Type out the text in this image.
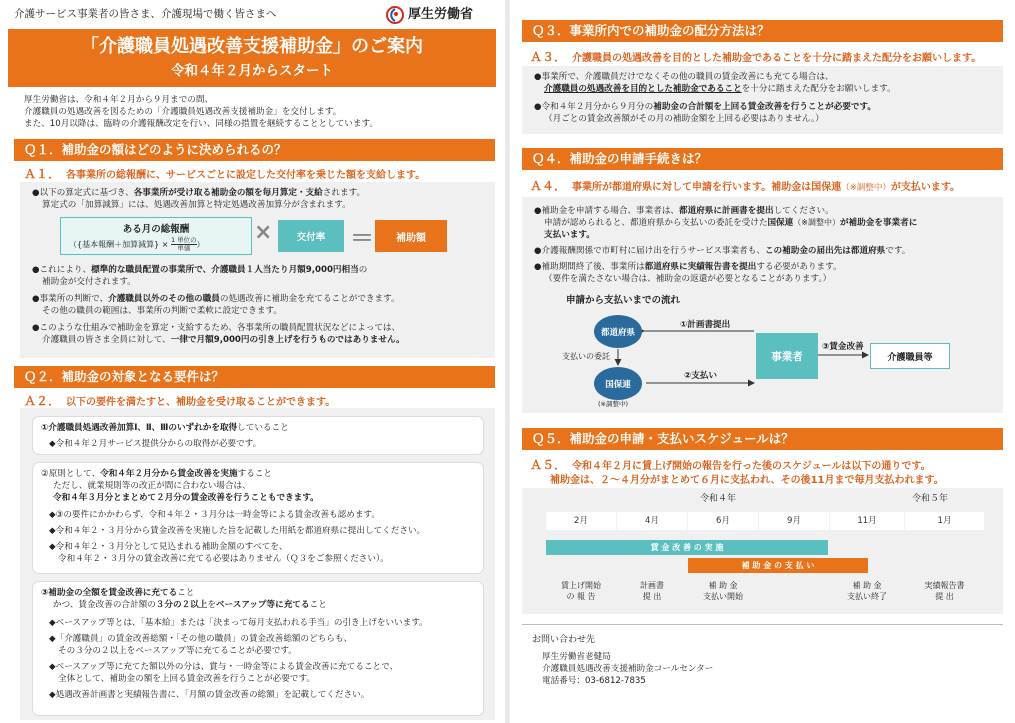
介護サービス事業者の皆さま、介護現場で働く皆さまへ	厚生労働省
「介護職員処遇改善支援補助金」のご案内
令和４年２月からスタート
厚生労働省は、令和４年２月から９月までの間、
介護職員の処遇改善を図るための「介護職員処遇改善支援補助金」を交付します。
また、10月以降は、臨時の介護報酬改定を行い、同様の措置を継続することとしています。
Ｑ１．補助金の額はどのように決められるの？
Ａ１． 各事業所の総報酬に、サービスごとに設定した交付率を乗じた額を支給します。
●以下の算定式に基づき、各事業所が受け取る補助金の額を毎月算定・支給されます。
算定式の「加算減算」には、処遇改善加算と特定処遇改善加算分が含まれます。
ある月の総報酬
（{基本報酬＋加算減算} × 1 単位の
単価 ） ×	交付率	＝	補助額
●これにより、標準的な職員配置の事業所で、介護職員１人当たり月額9,000円相当の
補助金が交付されます。
●事業所の判断で、介護職員以外のその他の職員の処遇改善に補助金を充てることができます。
その他の職員の範囲は、事業所の判断で柔軟に設定できます。
●このような仕組みで補助金を算定・支給するため、各事業所の職員配置状況などによっては、
介護職員の皆さま全員に対して、一律で月額9,000円の引き上げを行うものではありません。
Ｑ２．補助金の対象となる要件は？
Ａ２． 以下の要件を満たすと、補助金を受け取ることができます。
①介護職員処遇改善加算Ⅰ、Ⅱ、Ⅲのいずれかを取得していること
◆令和４年２月サービス提供分からの取得が必要です。
②原則として、令和４年２月分から賃金改善を実施すること
ただし、就業規則等の改正が間に合わない場合は、
令和４年３月分とまとめて２月分の賃金改善を行うこともできます。
◆③の要件にかかわらず、令和４年２・３月分は一時金等による賃金改善も認めます。
◆令和４年２・３月分から賃金改善を実施した旨を記載した用紙を都道府県に提出してください。
◆令和４年２・３月分として見込まれる補助金額のすべてを、
令和４年２・３月分の賃金改善に充てる必要はありません（Ｑ３をご参照ください）。
③補助金の全額を賃金改善に充てること
かつ、賃金改善の合計額の３分の２以上をベースアップ等に充てること
◆ベースアップ等とは、「基本給」または「決まって毎月支払われる手当」の引き上げをいいます。
◆「介護職員」の賃金改善総額・「その他の職員」の賃金改善総額のどちらも、
その３分の２以上をベースアップ等に充てることが必要です。
◆ベースアップ等に充てた額以外の分は、賞与・一時金等による賃金改善に充てることで、
全体として、補助金の額を上回る賃金改善を行うことが必要です。
◆処遇改善計画書と実績報告書に、「月額の賃金改善の総額」を記載してください。
Ｑ３．事業所内での補助金の配分方法は？
Ａ３． 介護職員の処遇改善を目的とした補助金であることを十分に踏まえた配分をお願いします。
●事業所で、介護職員だけでなくその他の職員の賃金改善にも充てる場合は、
介護職員の処遇改善を目的とした補助金であることを十分に踏まえた配分をお願いします。
●令和４年２月分から９月分の補助金の合計額を上回る賃金改善を行うことが必要です。
（月ごとの賃金改善額がその月の補助金額を上回る必要はありません。）
Ｑ４．補助金の申請手続きは？
Ａ４． 事業所が都道府県に対して申請を行います。補助金は国保連（※調整中）が支払います。
●補助金を申請する場合、事業者は、都道府県に計画書を提出してください。
申請が認められると、都道府県から支払いの委託を受けた国保連（※調整中）が補助金を事業者に
支払います。
●介護報酬関係で市町村に届け出を行うサービス事業者も、この補助金の届出先は都道府県です。
●補助期間終了後、事業所は都道府県に実績報告書を提出する必要があります。
（要件を満たさない場合は、補助金の返還が必要となることがあります。）
申請から支払いまでの流れ
都道府県
国保連
(※調整中)
事業者	介護職員等
①計画書提出
②支払い
③賃金改善
支払いの委託
Ｑ５．補助金の申請・支払いスケジュールは？
Ａ５． 令和４年２月に賃上げ開始の報告を行った後のスケジュールは以下の通りです。
補助金は、２～４月分がまとめて６月に支払われ、その後11月まで毎月支払われます。
令和４年	令和５年
2月	4月	6月	9月	11月	1月
賃 金 改 善 の 実 施
補 助 金 の 支 払 い
賃上げ開始
の 報 告
計画書
提 出
補 助 金
支払い開始
補 助 金
支払い終了
実績報告書
提 出
お問い合わせ先
厚生労働省老健局
介護職員処遇改善支援補助金コールセンター
電話番号：03-6812-7835
